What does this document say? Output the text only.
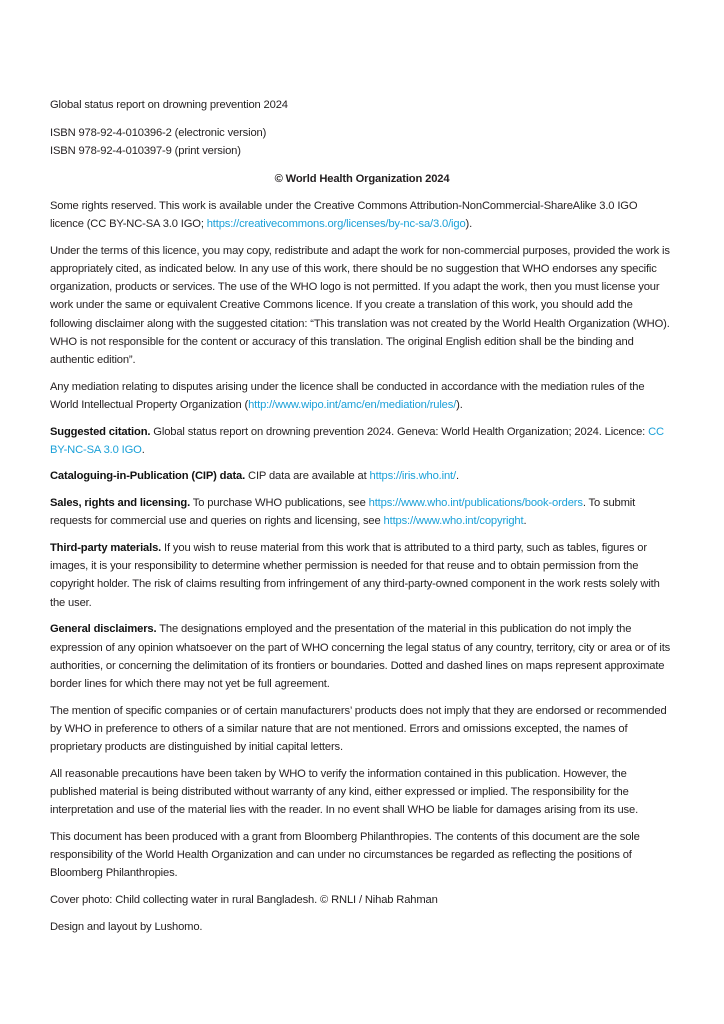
Global status report on drowning prevention 2024

ISBN 978-92-4-010396-2 (electronic version)

ISBN 978-92-4-010397-9 (print version)

© World Health Organization 2024

Some rights reserved. This work is available under the Creative Commons Attribution-NonCommercial-ShareAlike 3.0 IGO licence (CC BY-NC-SA 3.0 IGO; https://creativecommons.org/licenses/by-nc-sa/3.0/igo).

Under the terms of this licence, you may copy, redistribute and adapt the work for non-commercial purposes, provided the work is appropriately cited, as indicated below. In any use of this work, there should be no suggestion that WHO endorses any specific organization, products or services. The use of the WHO logo is not permitted. If you adapt the work, then you must license your work under the same or equivalent Creative Commons licence. If you create a translation of this work, you should add the following disclaimer along with the suggested citation: “This translation was not created by the World Health Organization (WHO). WHO is not responsible for the content or accuracy of this translation. The original English edition shall be the binding and authentic edition”.

Any mediation relating to disputes arising under the licence shall be conducted in accordance with the mediation rules of the World Intellectual Property Organization (http://www.wipo.int/amc/en/mediation/rules/).

Suggested citation. Global status report on drowning prevention 2024. Geneva: World Health Organization; 2024. Licence: CC BY-NC-SA 3.0 IGO.

Cataloguing-in-Publication (CIP) data. CIP data are available at https://iris.who.int/.

Sales, rights and licensing. To purchase WHO publications, see https://www.who.int/publications/book-orders. To submit requests for commercial use and queries on rights and licensing, see https://www.who.int/copyright.

Third-party materials. If you wish to reuse material from this work that is attributed to a third party, such as tables, figures or images, it is your responsibility to determine whether permission is needed for that reuse and to obtain permission from the copyright holder. The risk of claims resulting from infringement of any third-party-owned component in the work rests solely with the user.

General disclaimers. The designations employed and the presentation of the material in this publication do not imply the expression of any opinion whatsoever on the part of WHO concerning the legal status of any country, territory, city or area or of its authorities, or concerning the delimitation of its frontiers or boundaries. Dotted and dashed lines on maps represent approximate border lines for which there may not yet be full agreement.

The mention of specific companies or of certain manufacturers’ products does not imply that they are endorsed or recommended by WHO in preference to others of a similar nature that are not mentioned. Errors and omissions excepted, the names of proprietary products are distinguished by initial capital letters.

All reasonable precautions have been taken by WHO to verify the information contained in this publication. However, the published material is being distributed without warranty of any kind, either expressed or implied. The responsibility for the interpretation and use of the material lies with the reader. In no event shall WHO be liable for damages arising from its use.

This document has been produced with a grant from Bloomberg Philanthropies. The contents of this document are the sole responsibility of the World Health Organization and can under no circumstances be regarded as reflecting the positions of Bloomberg Philanthropies.

Cover photo: Child collecting water in rural Bangladesh. © RNLI / Nihab Rahman

Design and layout by Lushomo.
